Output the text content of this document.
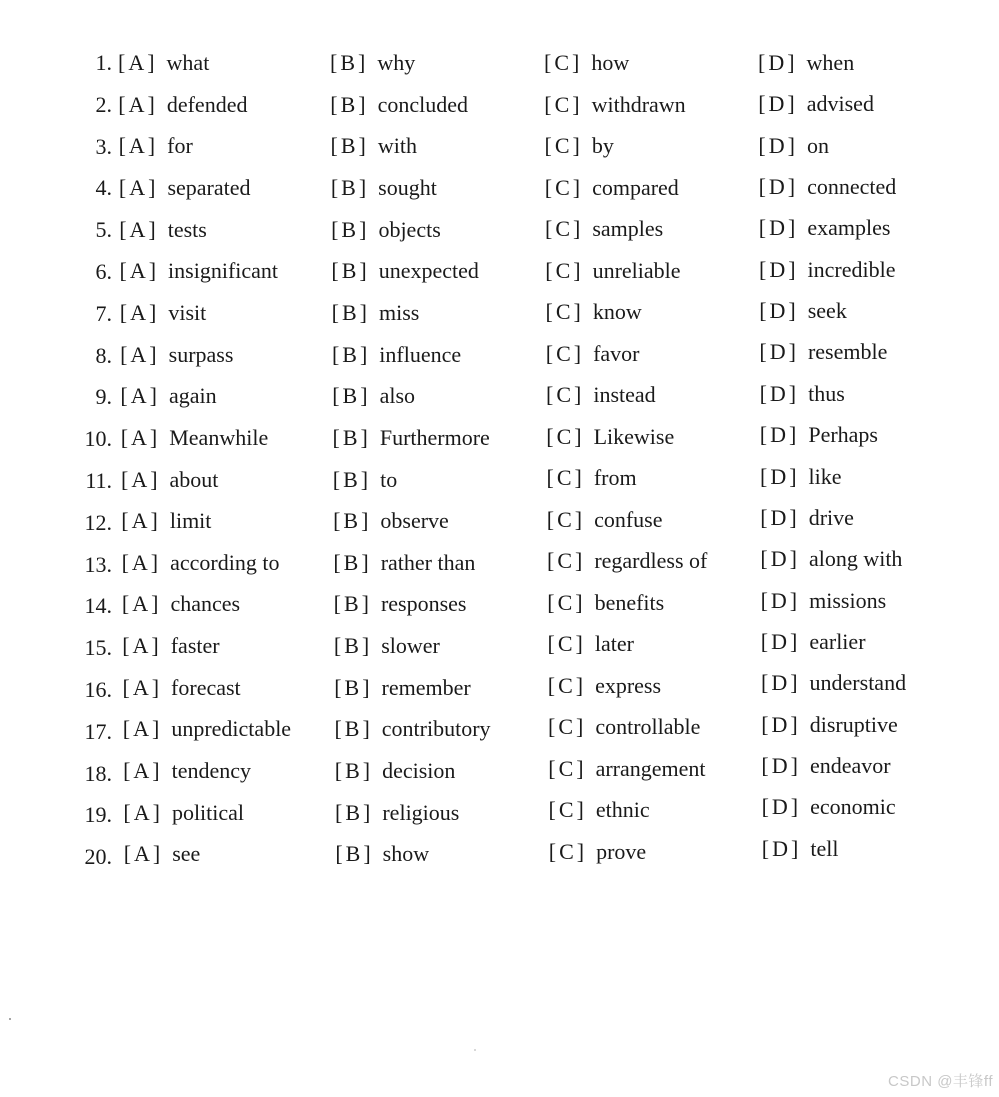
CSDN @丰锋ff
1. [A] what	[B] why	[C] how	[D] when
2. [A] defended	[B] concluded	[C] withdrawn	[D] advised
3. [A] for	[B] with	[C] by	[D] on
4. [A] separated	[B] sought	[C] compared	[D] connected
5. [A] tests	[B] objects	[C] samples	[D] examples
6. [A] insignificant [B] unexpected	[C] unreliable	[D] incredible
7. [A] visit	[B] miss	[C] know	[D] seek
8. [A] surpass	[B] influence	[C] favor	[D] resemble
9. [A] again	[B] also	[C] instead	[D] thus
10. [A] Meanwhile	[B] Furthermore	[C] Likewise	[D] Perhaps
11. [A] about	[B] to	[C] from	[D] like
12. [A] limit	[B] observe	[C] confuse	[D] drive
13. [A] according to [B] rather than	[C] regardless of [D] along with
14. [A] chances	[B] responses	[C] benefits	[D] missions
15. [A] faster	[B] slower	[C] later	[D] earlier
16. [A] forecast	[B] remember	[C] express	[D] understand
17. [A] unpredictable [B] contributory	[C] controllable	[D] disruptive
18. [A] tendency	[B] decision	[C] arrangement	[D] endeavor
19. [A] political	[B] religious	[C] ethnic	[D] economic
20. [A] see	[B] show	[C] prove	[D] tell
